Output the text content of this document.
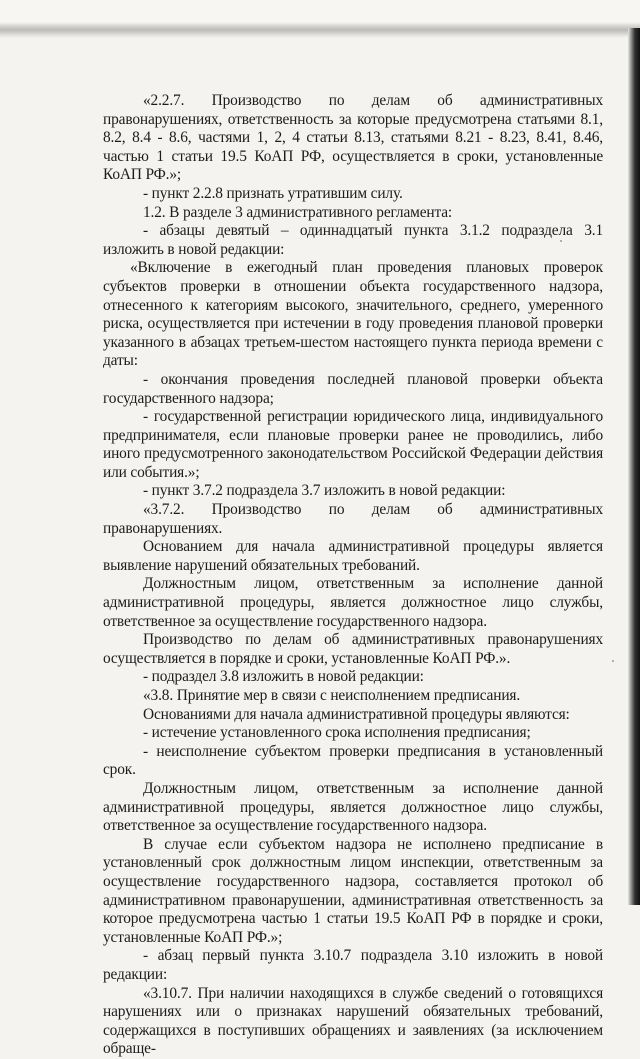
«2.2.7. Производство по делам об административных правонарушениях, ответственность за которые предусмотрена статьями 8.1, 8.2, 8.4 - 8.6, частями 1, 2, 4 статьи 8.13, статьями 8.21 - 8.23, 8.41, 8.46, частью 1 статьи 19.5 КоАП РФ, осуществляется в сроки, установленные КоАП РФ.»;

- пункт 2.2.8 признать утратившим силу.

1.2. В разделе 3 административного регламента:

- абзацы девятый – одиннадцатый пункта 3.1.2 подраздела 3.1 изложить в новой редакции:

«Включение в ежегодный план проведения плановых проверок субъектов проверки в отношении объекта государственного надзора, отнесенного к категориям высокого, значительного, среднего, умеренного риска, осуществляется при истечении в году проведения плановой проверки указанного в абзацах третьем-шестом настоящего пункта периода времени с даты:

- окончания проведения последней плановой проверки объекта государственного надзора;

- государственной регистрации юридического лица, индивидуального предпринимателя, если плановые проверки ранее не проводились, либо иного предусмотренного законодательством Российской Федерации действия или события.»;

- пункт 3.7.2 подраздела 3.7 изложить в новой редакции:

«3.7.2. Производство по делам об административных правонарушениях.

Основанием для начала административной процедуры является выявление нарушений обязательных требований.

Должностным лицом, ответственным за исполнение данной административной процедуры, является должностное лицо службы, ответственное за осуществление государственного надзора.

Производство по делам об административных правонарушениях осуществляется в порядке и сроки, установленные КоАП РФ.».

- подраздел 3.8 изложить в новой редакции:

«3.8. Принятие мер в связи с неисполнением предписания.

Основаниями для начала административной процедуры являются:

- истечение установленного срока исполнения предписания;

- неисполнение субъектом проверки предписания в установленный срок.

Должностным лицом, ответственным за исполнение данной административной процедуры, является должностное лицо службы, ответственное за осуществление государственного надзора.

В случае если субъектом надзора не исполнено предписание в установленный срок должностным лицом инспекции, ответственным за осуществление государственного надзора, составляется протокол об административном правонарушении, административная ответственность за которое предусмотрена частью 1 статьи 19.5 КоАП РФ в порядке и сроки, установленные КоАП РФ.»;

- абзац первый пункта 3.10.7 подраздела 3.10 изложить в новой редакции:

«3.10.7. При наличии находящихся в службе сведений о готовящихся нарушениях или о признаках нарушений обязательных требований, содержащихся в поступивших обращениях и заявлениях (за исключением обраще-
